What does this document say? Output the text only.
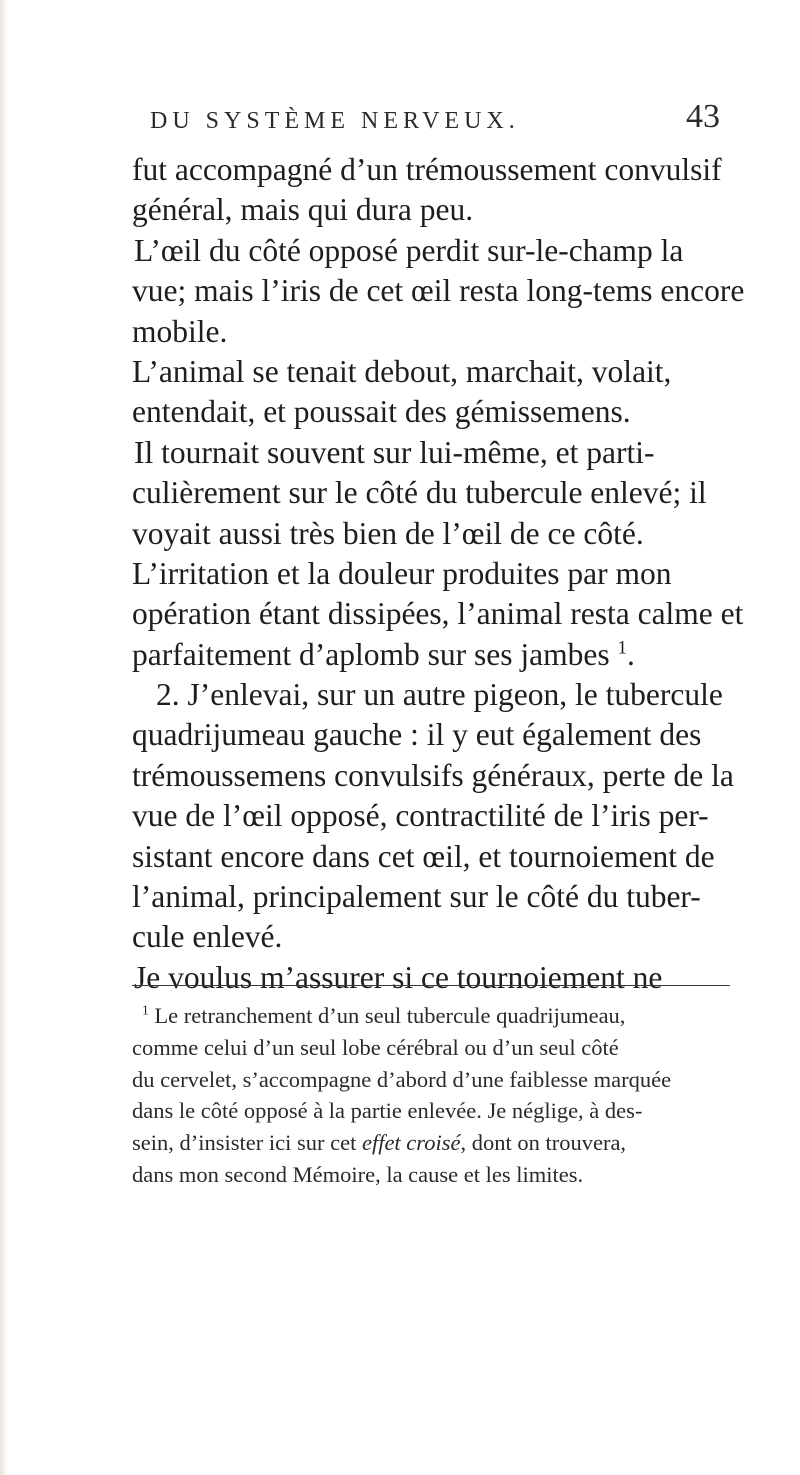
DU SYSTÈME NERVEUX.	43
fut accompagné d’un trémoussement convulsif
général, mais qui dura peu.
L’œil du côté opposé perdit sur-le-champ la
vue; mais l’iris de cet œil resta long-tems encore
mobile.
L’animal se tenait debout, marchait, volait,
entendait, et poussait des gémissemens.
Il tournait souvent sur lui-même, et parti-
culièrement sur le côté du tubercule enlevé; il
voyait aussi très bien de l’œil de ce côté.
L’irritation et la douleur produites par mon
opération étant dissipées, l’animal resta calme et
parfaitement d’aplomb sur ses jambes $^1$.
2. J’enlevai, sur un autre pigeon, le tubercule
quadrijumeau gauche : il y eut également des
trémoussemens convulsifs généraux, perte de la
vue de l’œil opposé, contractilité de l’iris per-
sistant encore dans cet œil, et tournoiement de
l’animal, principalement sur le côté du tuber-
cule enlevé.
Je voulus m’assurer si ce tournoiement ne
$^1$ Le retranchement d’un seul tubercule quadrijumeau,
comme celui d’un seul lobe cérébral ou d’un seul côté
du cervelet, s’accompagne d’abord d’une faiblesse marquée
dans le côté opposé à la partie enlevée. Je néglige, à des-
sein, d’insister ici sur cet effet croisé, dont on trouvera,
dans mon second Mémoire, la cause et les limites.
